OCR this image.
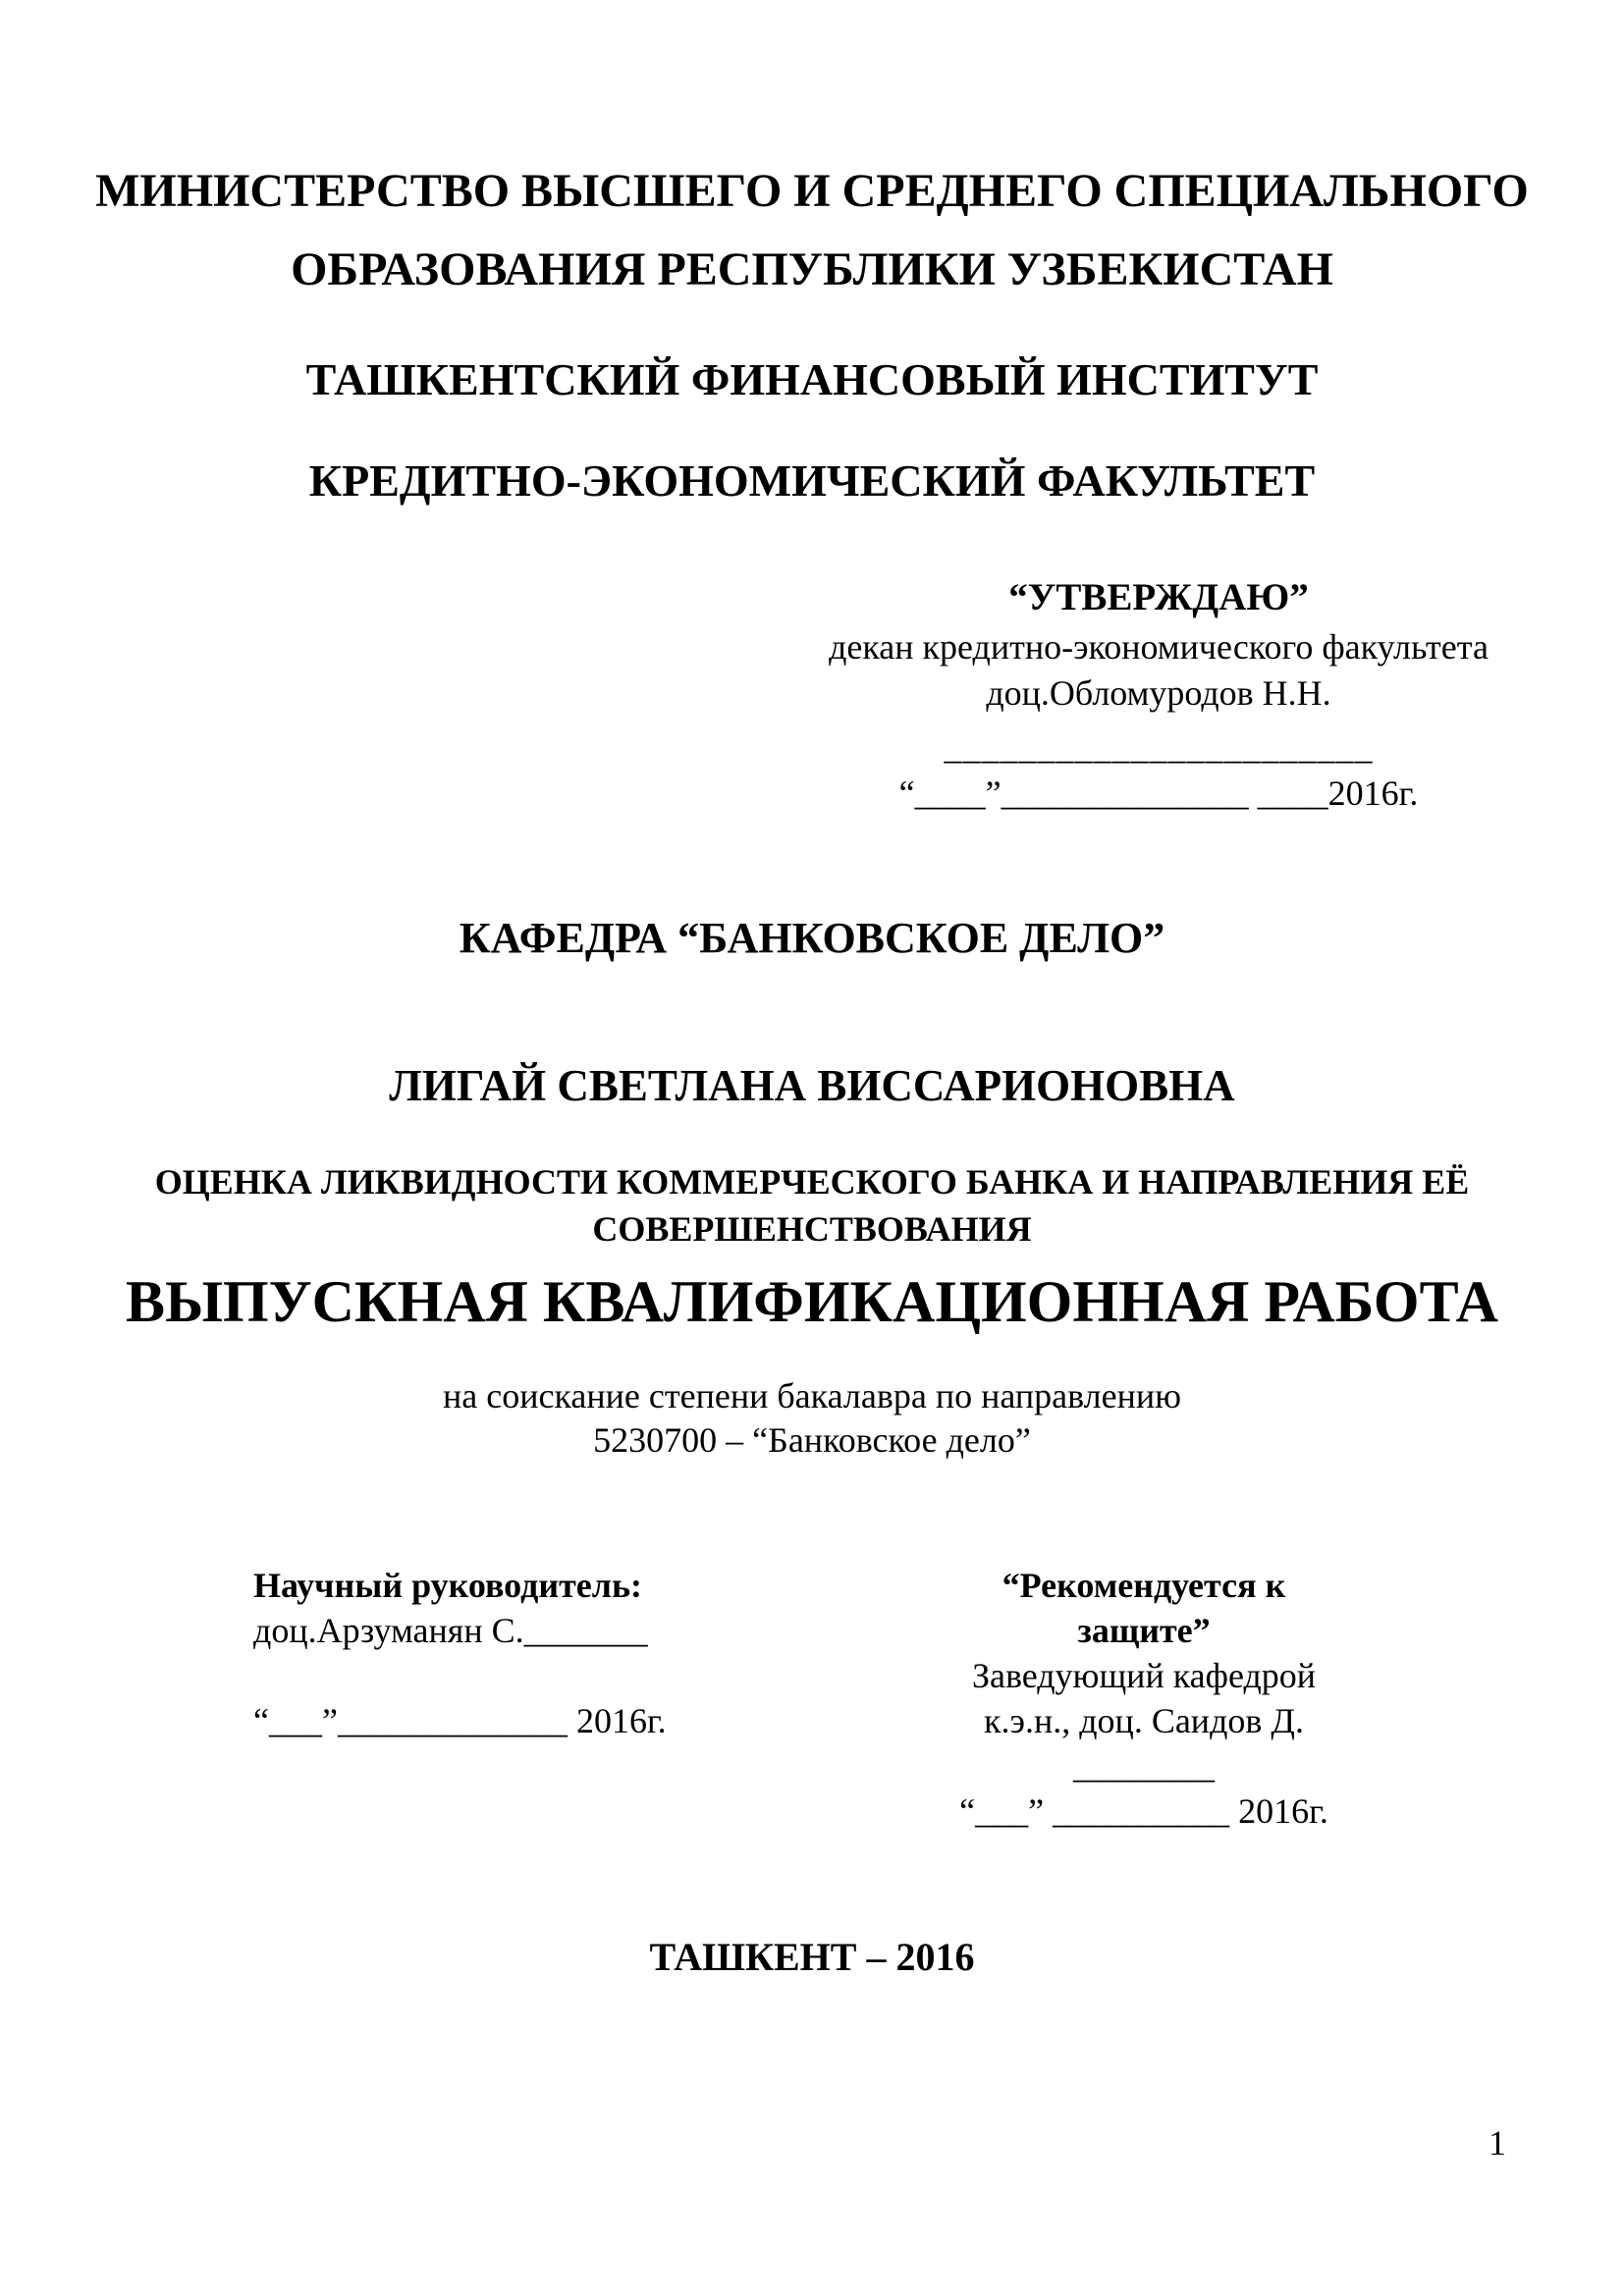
МИНИСТЕРСТВО ВЫСШЕГО И СРЕДНЕГО СПЕЦИАЛЬНОГО
ОБРАЗОВАНИЯ РЕСПУБЛИКИ УЗБЕКИСТАН
ТАШКЕНТСКИЙ ФИНАНСОВЫЙ ИНСТИТУТ
КРЕДИТНО-ЭКОНОМИЧЕСКИЙ ФАКУЛЬТЕТ
“УТВЕРЖДАЮ”
декан кредитно-экономического факультета
доц.Обломуродов Н.Н.
_______________________
“____”______________ ____2016г.
КАФЕДРА “БАНКОВСКОЕ ДЕЛО”
ЛИГАЙ СВЕТЛАНА ВИССАРИОНОВНА
ОЦЕНКА ЛИКВИДНОСТИ КОММЕРЧЕСКОГО БАНКА И НАПРАВЛЕНИЯ ЕЁ
СОВЕРШЕНСТВОВАНИЯ
ВЫПУСКНАЯ КВАЛИФИКАЦИОННАЯ РАБОТА
на соискание степени бакалавра по направлению
5230700 – “Банковское дело”
Научный руководитель:
доц.Арзуманян С._______
“___”_____________ 2016г.
“Рекомендуется к защите”
Заведующий кафедрой
к.э.н., доц. Саидов Д. ________
“___” __________ 2016г.
ТАШКЕНТ – 2016
1
